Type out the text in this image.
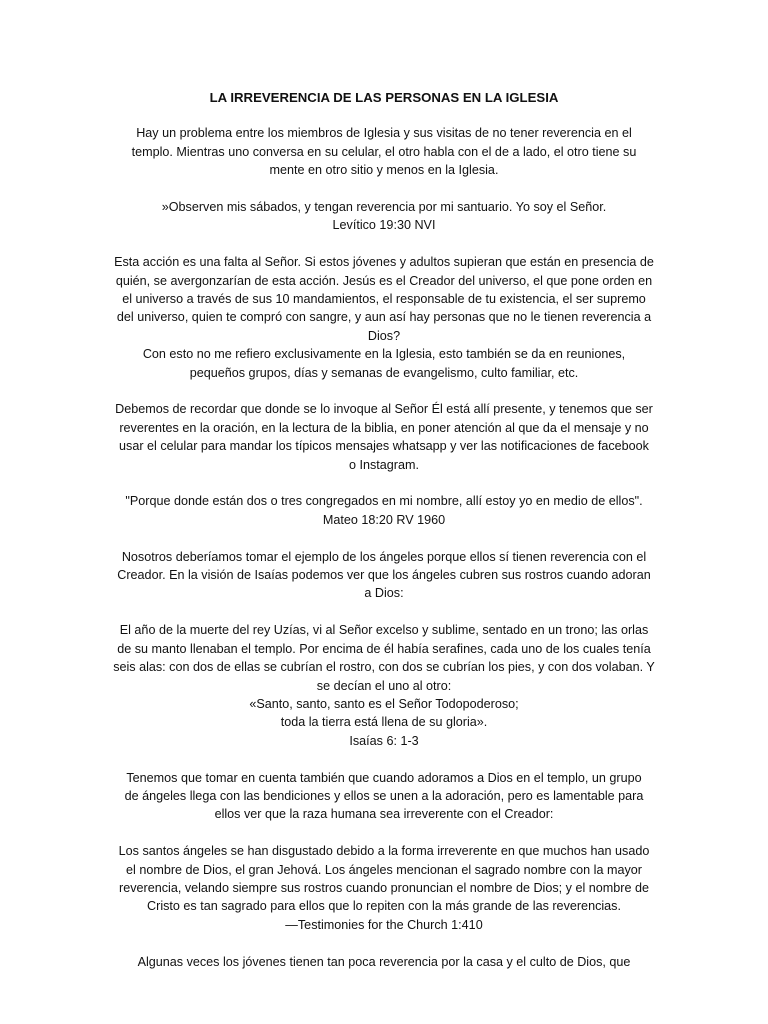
LA IRREVERENCIA DE LAS PERSONAS EN LA IGLESIA
Hay un problema entre los miembros de Iglesia y sus visitas de no tener reverencia en el
templo. Mientras uno conversa en su celular, el otro habla con el de a lado, el otro tiene su
mente en otro sitio y menos en la Iglesia.
»Observen mis sábados, y tengan reverencia por mi santuario. Yo soy el Señor.
Levítico 19:30 NVI
Esta acción es una falta al Señor. Si estos jóvenes y adultos supieran que están en presencia de
quién, se avergonzarían de esta acción. Jesús es el Creador del universo, el que pone orden en
el universo a través de sus 10 mandamientos, el responsable de tu existencia, el ser supremo
del universo, quien te compró con sangre, y aun así hay personas que no le tienen reverencia a
Dios?
Con esto no me refiero exclusivamente en la Iglesia, esto también se da en reuniones,
pequeños grupos, días y semanas de evangelismo, culto familiar, etc.
Debemos de recordar que donde se lo invoque al Señor Él está allí presente, y tenemos que ser
reverentes en la oración, en la lectura de la biblia, en poner atención al que da el mensaje y no
usar el celular para mandar los típicos mensajes whatsapp y ver las notificaciones de facebook
o Instagram.
"Porque donde están dos o tres congregados en mi nombre, allí estoy yo en medio de ellos".
Mateo 18:20 RV 1960
Nosotros deberíamos tomar el ejemplo de los ángeles porque ellos sí tienen reverencia con el
Creador. En la visión de Isaías podemos ver que los ángeles cubren sus rostros cuando adoran
a Dios:
El año de la muerte del rey Uzías, vi al Señor excelso y sublime, sentado en un trono; las orlas
de su manto llenaban el templo. Por encima de él había serafines, cada uno de los cuales tenía
seis alas: con dos de ellas se cubrían el rostro, con dos se cubrían los pies, y con dos volaban. Y
se decían el uno al otro:
«Santo, santo, santo es el Señor Todopoderoso;
toda la tierra está llena de su gloria».
Isaías 6: 1-3
Tenemos que tomar en cuenta también que cuando adoramos a Dios en el templo, un grupo
de ángeles llega con las bendiciones y ellos se unen a la adoración, pero es lamentable para
ellos ver que la raza humana sea irreverente con el Creador:
Los santos ángeles se han disgustado debido a la forma irreverente en que muchos han usado
el nombre de Dios, el gran Jehová. Los ángeles mencionan el sagrado nombre con la mayor
reverencia, velando siempre sus rostros cuando pronuncian el nombre de Dios; y el nombre de
Cristo es tan sagrado para ellos que lo repiten con la más grande de las reverencias.
—Testimonies for the Church 1:410
Algunas veces los jóvenes tienen tan poca reverencia por la casa y el culto de Dios, que
